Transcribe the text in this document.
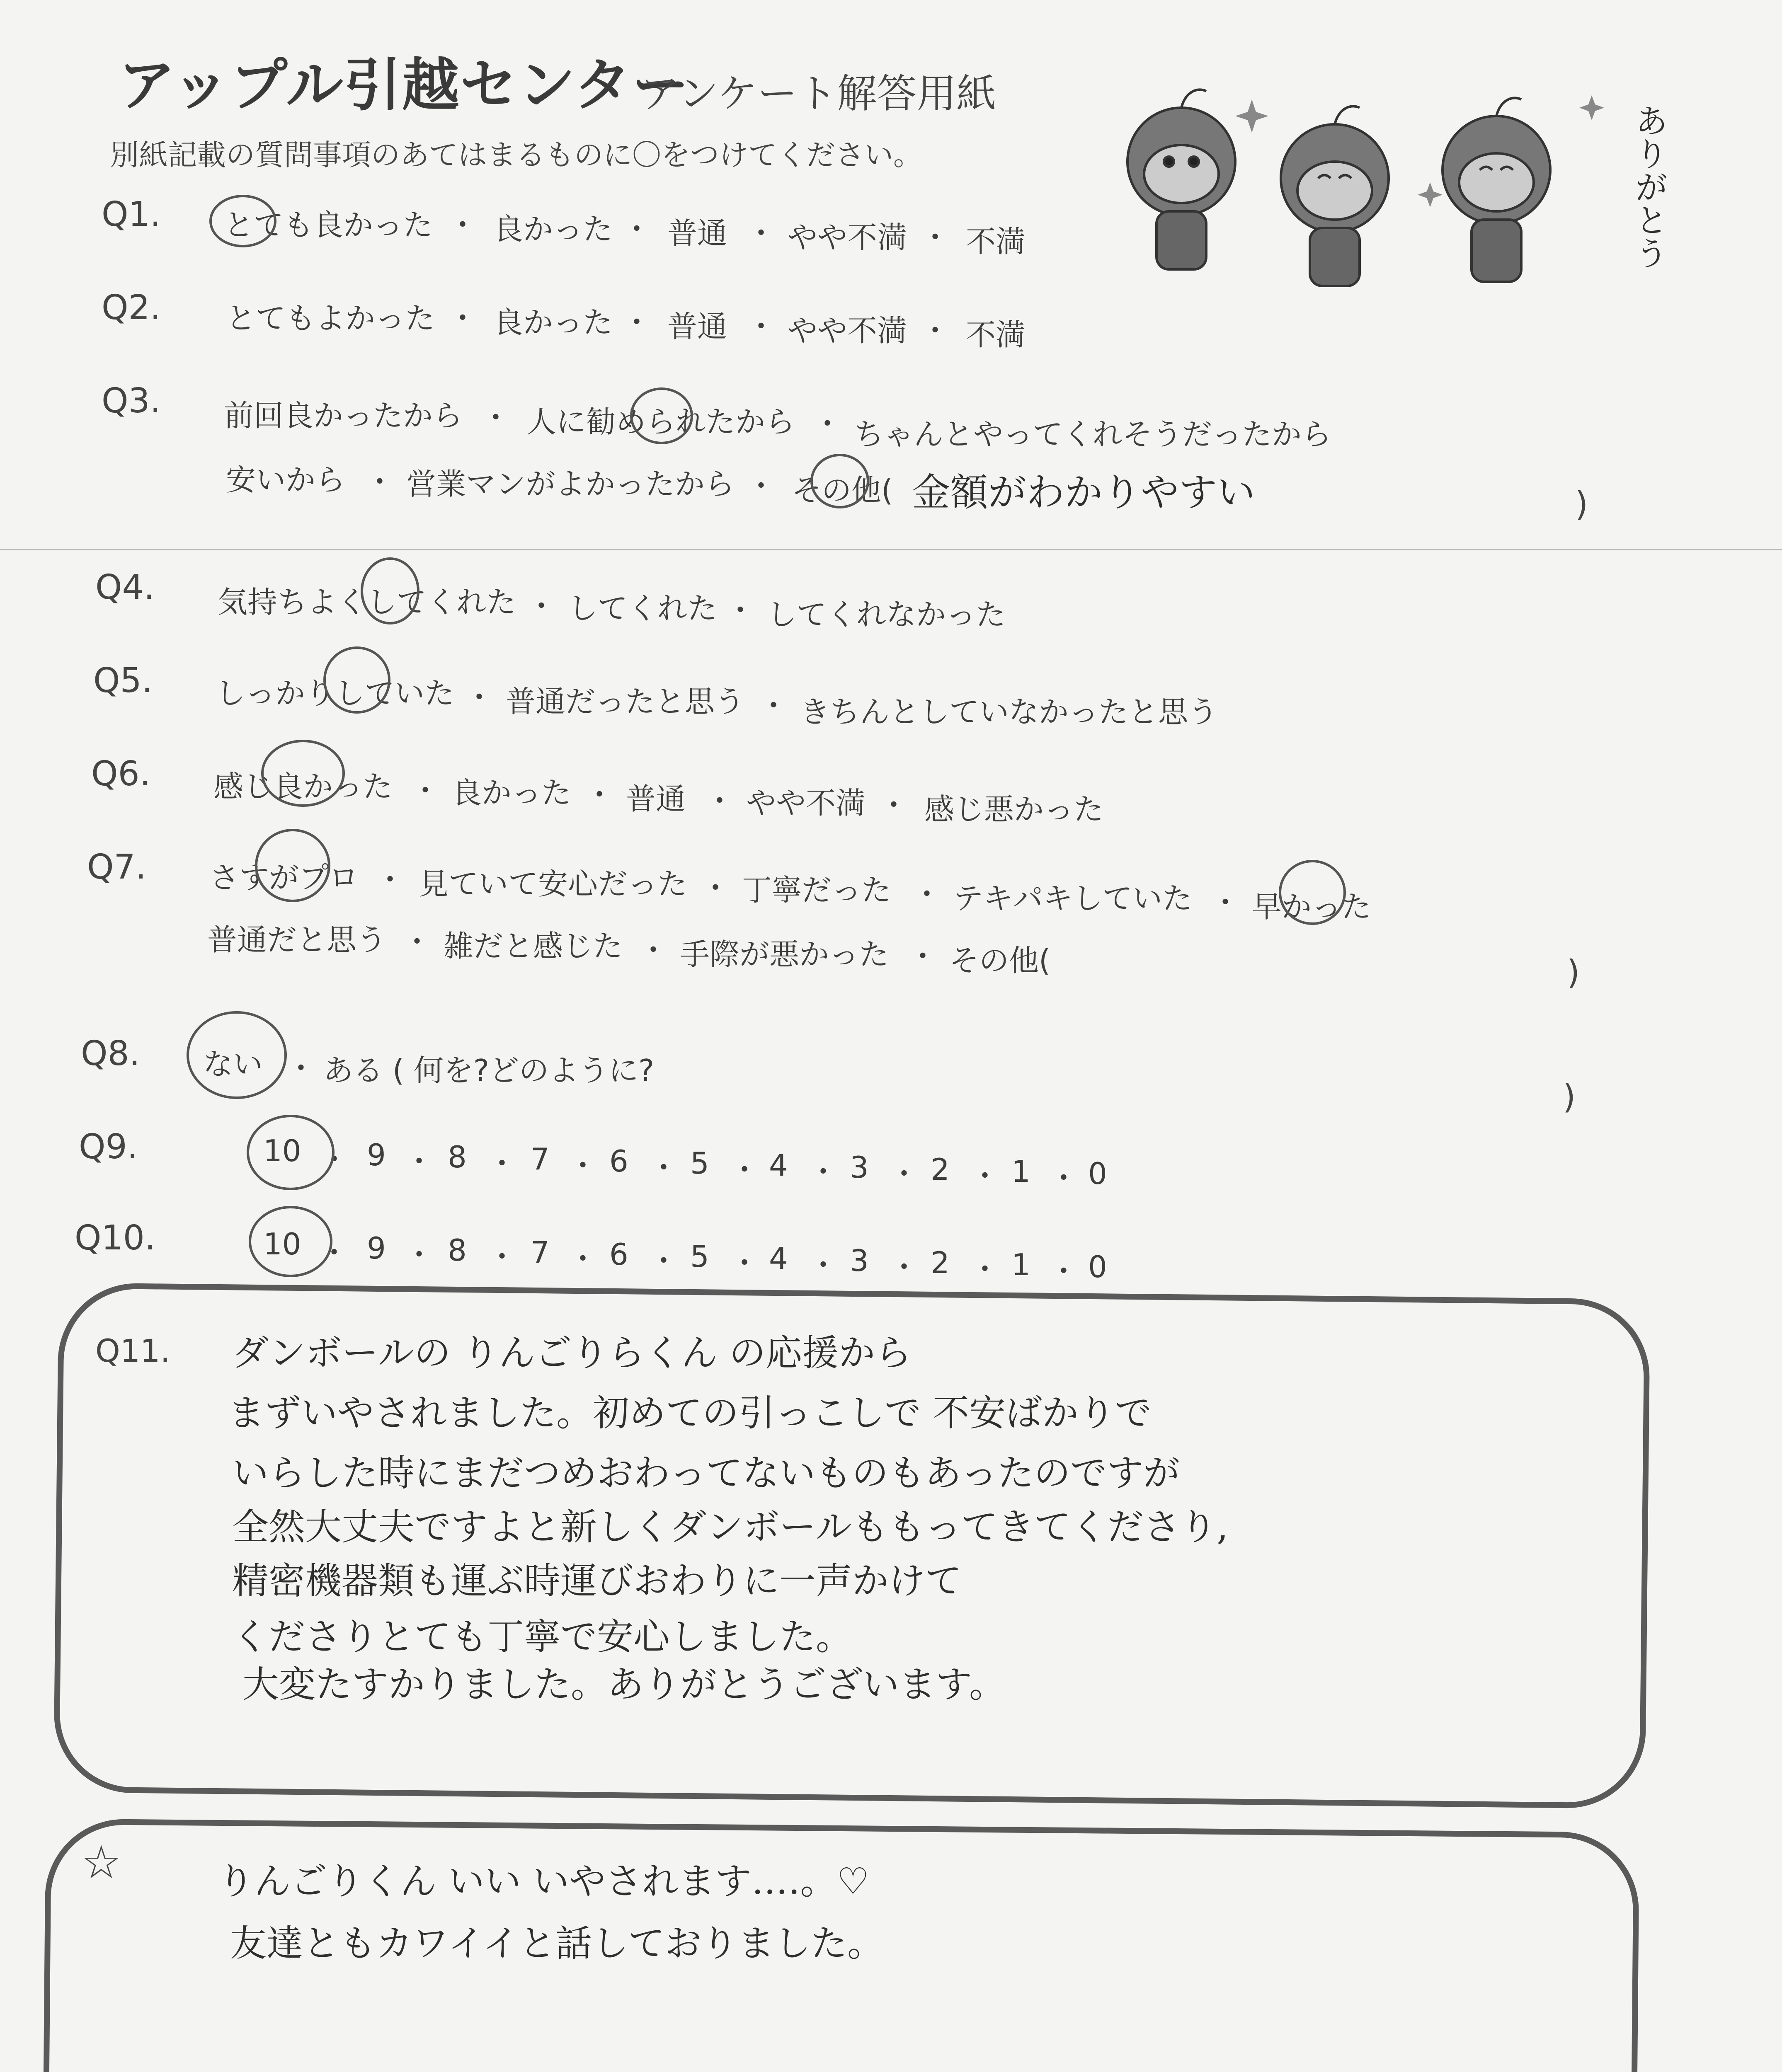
アップル引越センター
アンケート解答用紙
別紙記載の質問事項のあてはまるものに〇をつけてください。	ありがとう
Q1. とても良かった ・ 良かった ・ 普通 ・ やや不満 ・ 不満
Q2. とてもよかった ・ 良かった ・ 普通 ・ やや不満 ・ 不満
Q3. 前回良かったから ・ 人に勧められたから ・ ちゃんとやってくれそうだったから
安いから ・ 営業マンがよかったから ・ その他( 金額がわかりやすい	)
Q4. 気持ちよくしてくれた ・ してくれた ・ してくれなかった
Q5. しっかりしていた ・ 普通だったと思う ・ きちんとしていなかったと思う
Q6. 感じ良かった ・ 良かった ・ 普通 ・ やや不満 ・ 感じ悪かった
Q7. さすがプロ ・ 見ていて安心だった ・ 丁寧だった ・ テキパキしていた ・ 早かった
普通だと思う ・ 雑だと感じた ・ 手際が悪かった ・ その他(	)
Q8. ない ・ ある ( 何を?どのように?
)
Q9.	10 9 8 7 6 5 4 3 2 1 0
・ ・ ・ ・ ・ ・ ・ ・ ・ ・
Q10.	10 9 8 7 6 5 4 3 2 1 0
・ ・ ・ ・ ・ ・ ・ ・ ・ ・
Q11. ダンボールの りんごりらくん の応援から
まずいやされました。初めての引っこしで 不安ばかりで
いらした時にまだつめおわってないものもあったのですが
全然大丈夫ですよと新しくダンボールももってきてくださり,
精密機器類も運ぶ時運びおわりに一声かけて
くださりとても丁寧で安心しました。
大変たすかりました。ありがとうございます。
☆	りんごりくん いい いやされます‥‥。♡
友達ともカワイイと話しておりました。
